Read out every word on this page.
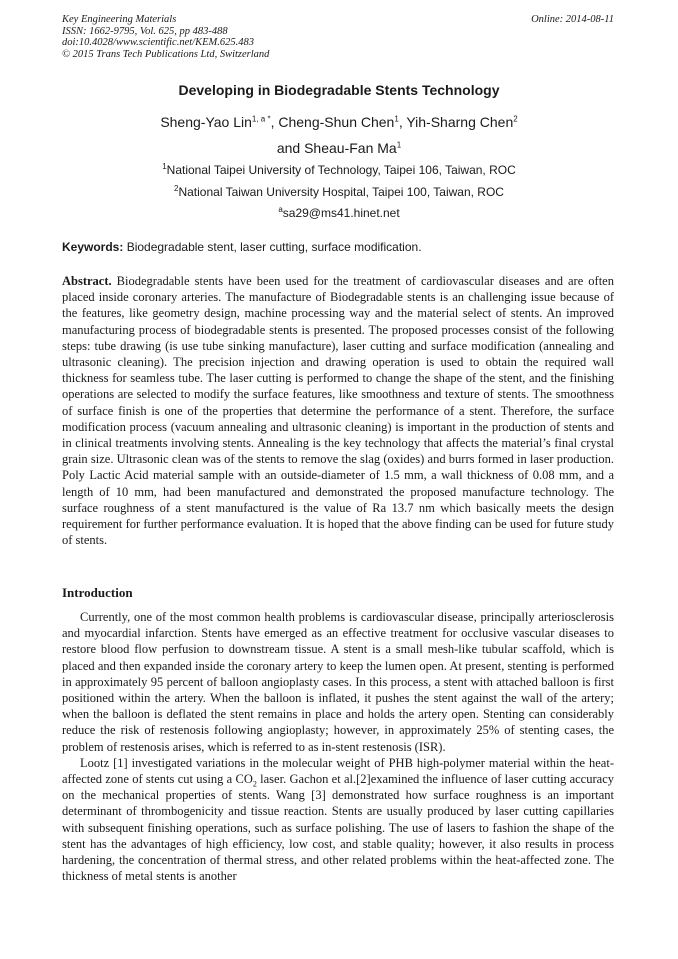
Key Engineering Materials
ISSN: 1662-9795, Vol. 625, pp 483-488
doi:10.4028/www.scientific.net/KEM.625.483
© 2015 Trans Tech Publications Ltd, Switzerland
Online: 2014-08-11
Developing in Biodegradable Stents Technology
Sheng-Yao Lin$^{1, a *}$, Cheng-Shun Chen$^1$, Yih-Sharng Chen$^2$
and Sheau-Fan Ma$^1$
$^1$National Taipei University of Technology, Taipei 106, Taiwan, ROC
$^2$National Taiwan University Hospital, Taipei 100, Taiwan, ROC
$^a$sa29@ms41.hinet.net
Keywords: Biodegradable stent, laser cutting, surface modification.
Abstract. Biodegradable stents have been used for the treatment of cardiovascular diseases and are often placed inside coronary arteries. The manufacture of Biodegradable stents is an challenging issue because of the features, like geometry design, machine processing way and the material select of stents. An improved manufacturing process of biodegradable stents is presented. The proposed processes consist of the following steps: tube drawing (is use tube sinking manufacture), laser cutting and surface modification (annealing and ultrasonic cleaning). The precision injection and drawing operation is used to obtain the required wall thickness for seamless tube. The laser cutting is performed to change the shape of the stent, and the finishing operations are selected to modify the surface features, like smoothness and texture of stents. The smoothness of surface finish is one of the properties that determine the performance of a stent. Therefore, the surface modification process (vacuum annealing and ultrasonic cleaning) is important in the production of stents and in clinical treatments involving stents. Annealing is the key technology that affects the material’s final crystal grain size. Ultrasonic clean was of the stents to remove the slag (oxides) and burrs formed in laser production. Poly Lactic Acid material sample with an outside-diameter of 1.5 mm, a wall thickness of 0.08 mm, and a length of 10 mm, had been manufactured and demonstrated the proposed manufacture technology. The surface roughness of a stent manufactured is the value of Ra 13.7 nm which basically meets the design requirement for further performance evaluation. It is hoped that the above finding can be used for future study of stents.
Introduction

Currently, one of the most common health problems is cardiovascular disease, principally arteriosclerosis and myocardial infarction. Stents have emerged as an effective treatment for occlusive vascular diseases to restore blood flow perfusion to downstream tissue. A stent is a small mesh-like tubular scaffold, which is placed and then expanded inside the coronary artery to keep the lumen open. At present, stenting is performed in approximately 95 percent of balloon angioplasty cases. In this process, a stent with attached balloon is first positioned within the artery. When the balloon is inflated, it pushes the stent against the wall of the artery; when the balloon is deflated the stent remains in place and holds the artery open. Stenting can considerably reduce the risk of restenosis following angioplasty; however, in approximately 25% of stenting cases, the problem of restenosis arises, which is referred to as in-stent restenosis (ISR).

Lootz [1] investigated variations in the molecular weight of PHB high-polymer material within the heat-affected zone of stents cut using a $CO_2$ laser. Gachon et al.[2]examined the influence of laser cutting accuracy on the mechanical properties of stents. Wang [3] demonstrated how surface roughness is an important determinant of thrombogenicity and tissue reaction. Stents are usually produced by laser cutting capillaries with subsequent finishing operations, such as surface polishing. The use of lasers to fashion the shape of the stent has the advantages of high efficiency, low cost, and stable quality; however, it also results in process hardening, the concentration of thermal stress, and other related problems within the heat-affected zone. The thickness of metal stents is another
